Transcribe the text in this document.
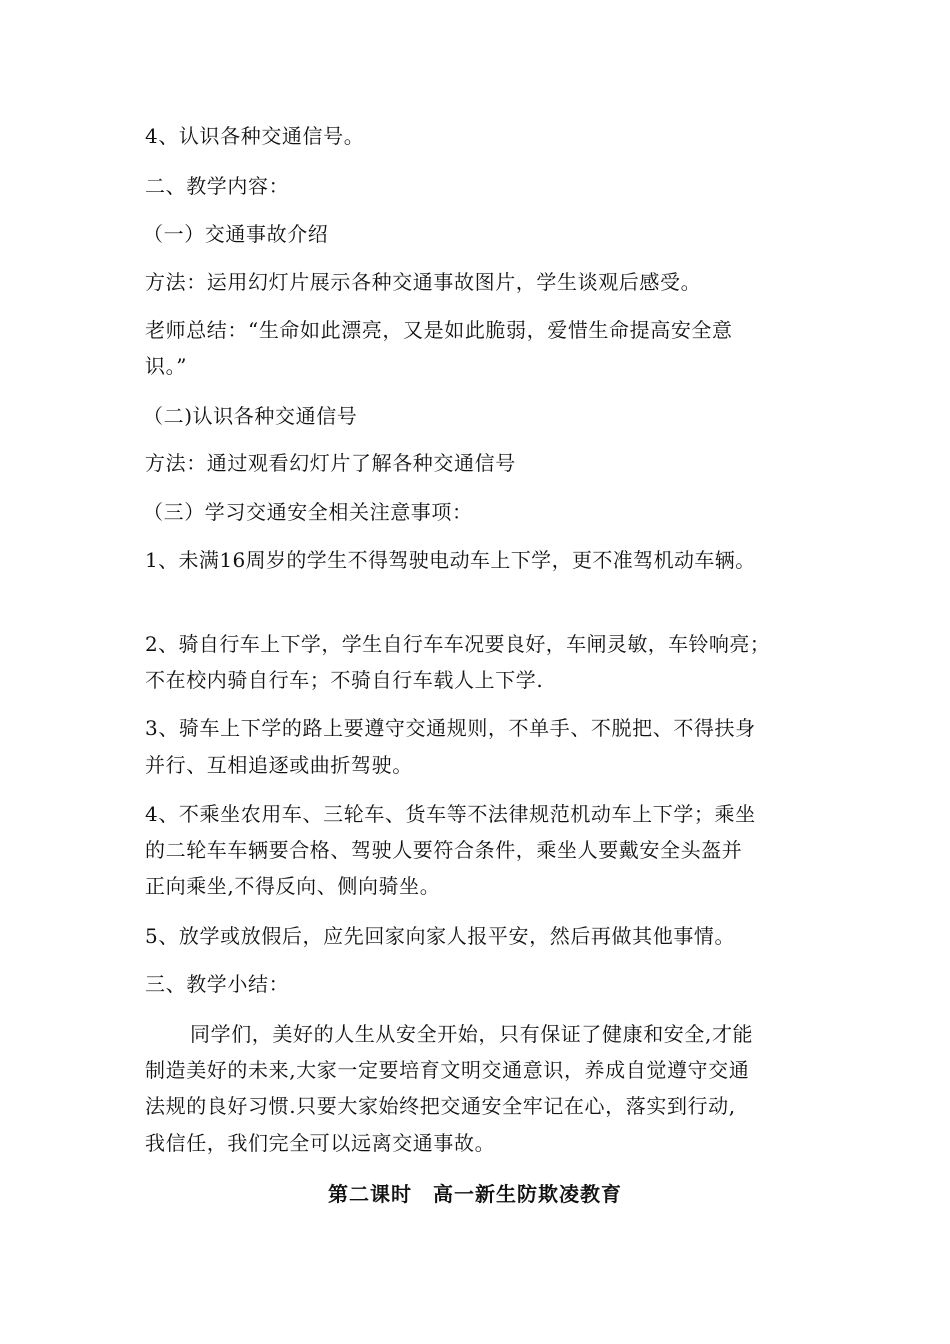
4、认识各种交通信号。
二、教学内容：
（一）交通事故介绍
方法：运用幻灯片展示各种交通事故图片，学生谈观后感受。
老师总结：“生命如此漂亮，又是如此脆弱，爱惜生命提高安全意
识。”
（二)认识各种交通信号
方法：通过观看幻灯片了解各种交通信号
（三）学习交通安全相关注意事项：
1、未满16周岁的学生不得驾驶电动车上下学，更不准驾机动车辆。
2、骑自行车上下学，学生自行车车况要良好，车闸灵敏，车铃响亮；
不在校内骑自行车；不骑自行车载人上下学.
3、骑车上下学的路上要遵守交通规则，不单手、不脱把、不得扶身
并行、互相追逐或曲折驾驶。
4、不乘坐农用车、三轮车、货车等不法律规范机动车上下学；乘坐
的二轮车车辆要合格、驾驶人要符合条件，乘坐人要戴安全头盔并
正向乘坐,不得反向、侧向骑坐。
5、放学或放假后，应先回家向家人报平安，然后再做其他事情。
三、教学小结：
同学们，美好的人生从安全开始，只有保证了健康和安全,才能
制造美好的未来,大家一定要培育文明交通意识，养成自觉遵守交通
法规的良好习惯.只要大家始终把交通安全牢记在心，落实到行动,
我信任，我们完全可以远离交通事故。
第二课时　高一新生防欺凌教育
